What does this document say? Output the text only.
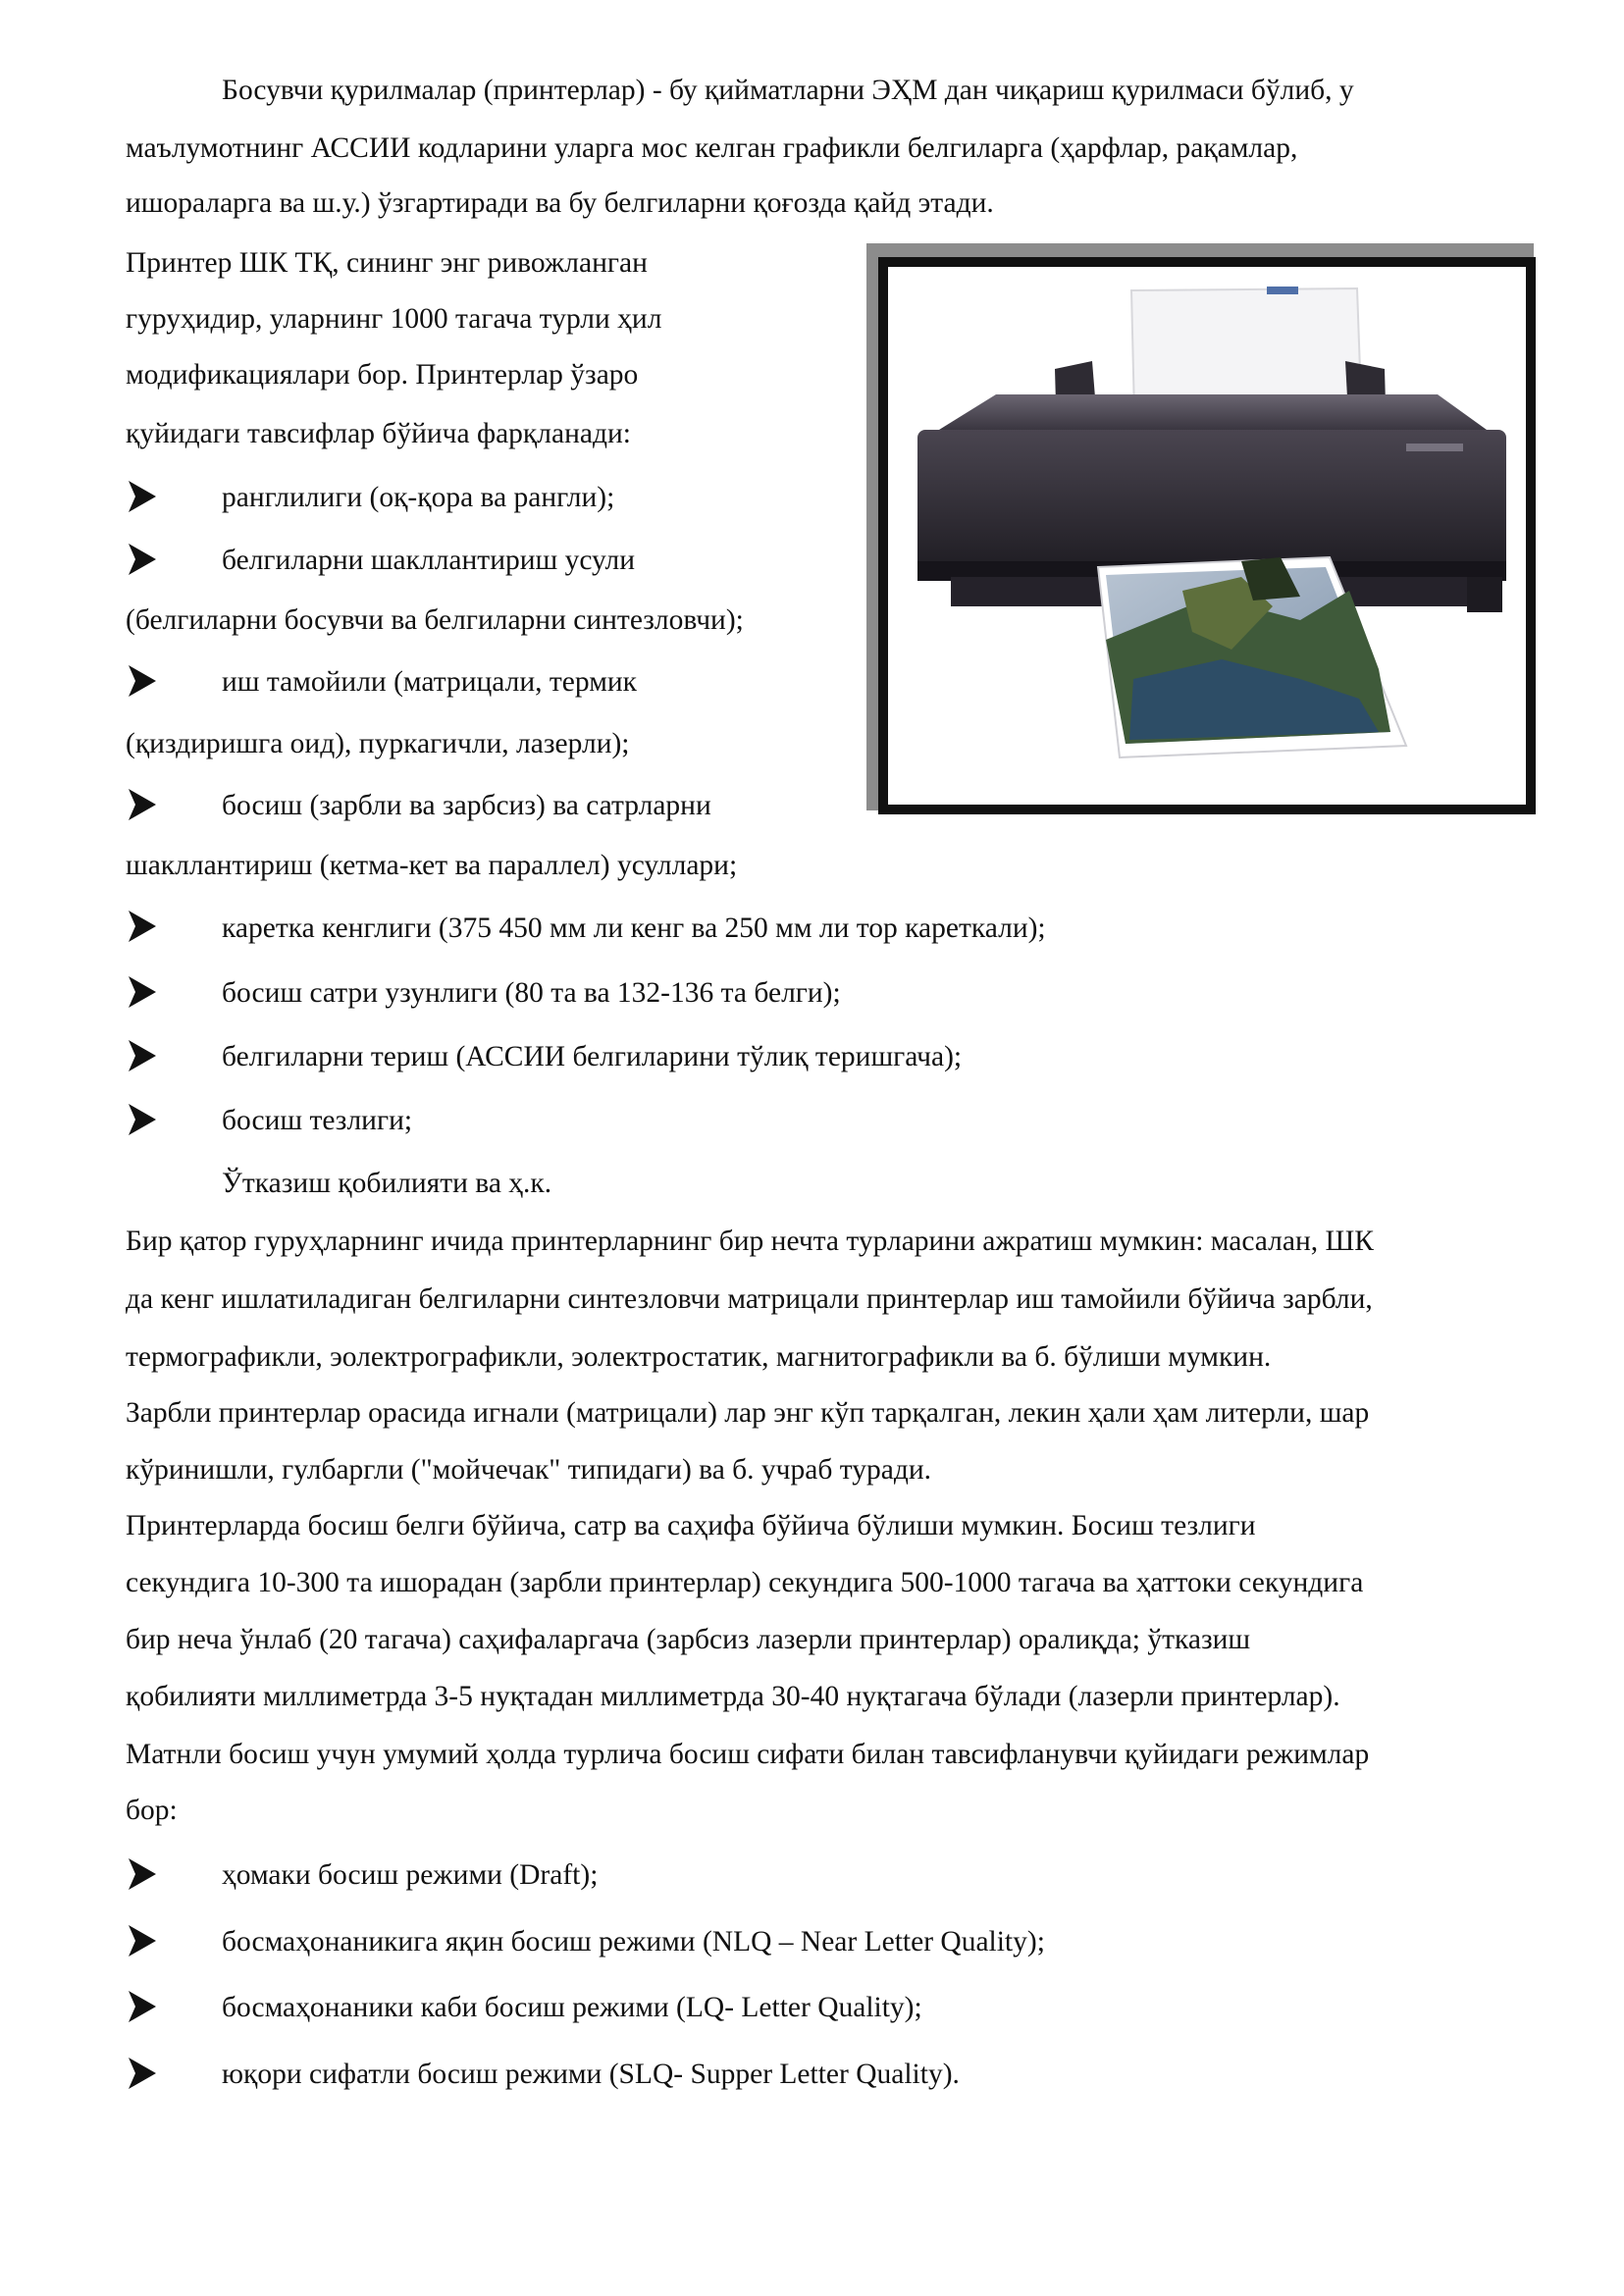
Босувчи қурилмалар (принтерлар) - бу қийматларни ЭҲМ дан чиқариш қурилмаси бўлиб, у
маълумотнинг АССИИ кодларини уларга мос келган графикли белгиларга (ҳарфлар, рақамлар,
ишораларга ва ш.у.) ўзгартиради ва бу белгиларни қоғозда қайд этади.
Принтер ШК ТҚ, сининг энг ривожланган
гуруҳидир, уларнинг 1000 тагача турли ҳил
модификациялари бор. Принтерлар ўзаро
қуйидаги тавсифлар бўйича фарқланади:
ранглилиги (оқ-қора ва рангли);
белгиларни шакллантириш усули
(белгиларни босувчи ва белгиларни синтезловчи);
иш тамойили (матрицали, термик
(қиздиришга оид), пуркагичли, лазерли);
босиш (зарбли ва зарбсиз) ва сатрларни
шакллантириш (кетма-кет ва параллел) усуллари;
каретка кенглиги (375 450 мм ли кенг ва 250 мм ли тор кареткали);
босиш сатри узунлиги (80 та ва 132-136 та белги);
белгиларни териш (АССИИ белгиларини тўлиқ теришгача);
босиш тезлиги;
Ўтказиш қобилияти ва ҳ.к.
Бир қатор гуруҳларнинг ичида принтерларнинг бир нечта турларини ажратиш мумкин: масалан, ШК
да кенг ишлатиладиган белгиларни синтезловчи матрицали принтерлар иш тамойили бўйича зарбли,
термографикли, эолектрографикли, эолектростатик, магнитографикли ва б. бўлиши мумкин.
Зарбли принтерлар орасида игнали (матрицали) лар энг кўп тарқалган, лекин ҳали ҳам литерли, шар
кўринишли, гулбаргли ("мойчечак" типидаги) ва б. учраб туради.
Принтерларда босиш белги бўйича, сатр ва саҳифа бўйича бўлиши мумкин. Босиш тезлиги
секундига 10-300 та ишорадан (зарбли принтерлар) секундига 500-1000 тагача ва ҳаттоки секундига
бир неча ўнлаб (20 тагача) саҳифалаpгача (зарбсиз лазерли принтерлар) оралиқда; ўтказиш
қобилияти миллиметрда 3-5 нуқтадан миллиметрда 30-40 нуқтагача бўлади (лазерли принтерлар).
Матнли босиш учун умумий ҳолда турлича босиш сифати билан тавсифланувчи қуйидаги режимлар
бор:
ҳомаки босиш режими (Draft);
босмаҳонаникига яқин босиш режими (NLQ – Near Letter Quality);
босмаҳонаники каби босиш режими (LQ- Letter Quality);
юқори сифатли босиш режими (SLQ- Supper Letter Quality).
